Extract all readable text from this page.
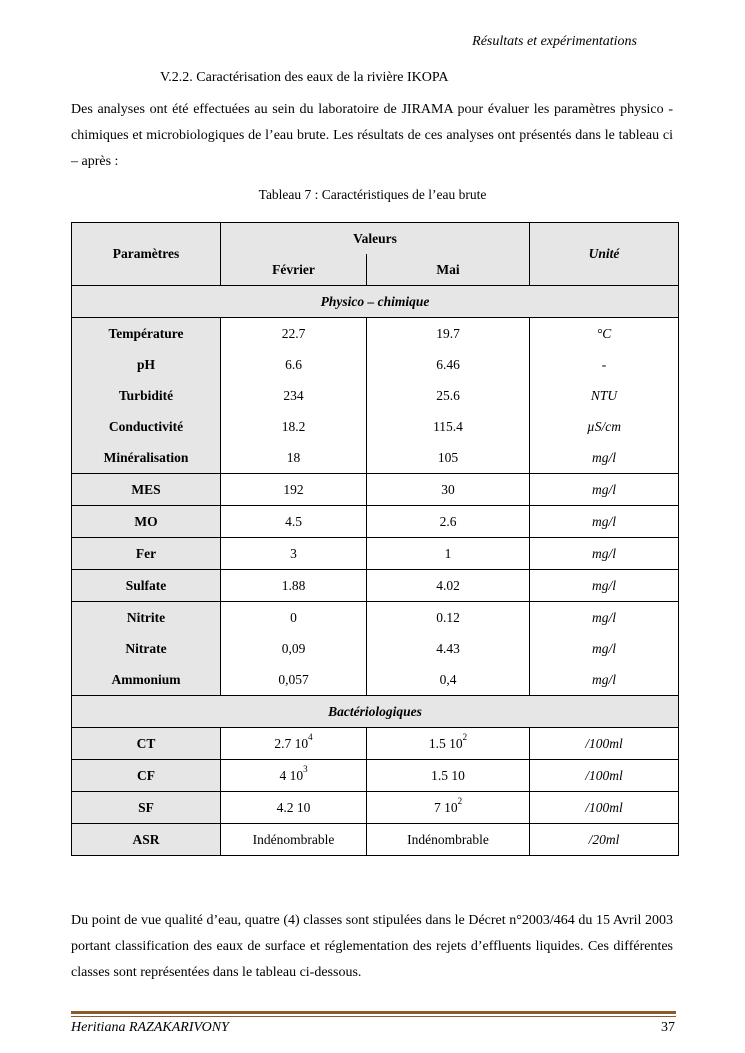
Résultats et expérimentations
V.2.2. Caractérisation des eaux de la rivière IKOPA
Des analyses ont été effectuées au sein du laboratoire de JIRAMA pour évaluer les paramètres physico - chimiques et microbiologiques de l’eau brute. Les résultats de ces analyses ont présentés dans le tableau ci – après :
Tableau 7 : Caractéristiques de l’eau brute
Paramètres	Valeurs		Unité
	Février	Mai	
Physico – chimique			
Température	22.7	19.7	°C
pH	6.6	6.46	-
Turbidité	234	25.6	NTU
Conductivité	18.2	115.4	µS/cm
Minéralisation	18	105	mg/l
MES	192	30	mg/l
MO	4.5	2.6	mg/l
Fer	3	1	mg/l
Sulfate	1.88	4.02	mg/l
Nitrite	0	0.12	mg/l
Nitrate	0,09	4.43	mg/l
Ammonium	0,057	0,4	mg/l
Bactériologiques			
CT	2.7 $10^4$	1.5 $10^2$	/100ml
CF	4 $10^3$	1.5 10	/100ml
SF	4.2 10	7 $10^2$	/100ml
ASR	Indénombrable	Indénombrable	/20ml
Du point de vue qualité d’eau, quatre (4) classes sont stipulées dans le Décret n°2003/464 du 15 Avril 2003 portant classification des eaux de surface et réglementation des rejets d’effluents liquides. Ces différentes classes sont représentées dans le tableau ci-dessous.
Heritiana RAZAKARIVONY	37
